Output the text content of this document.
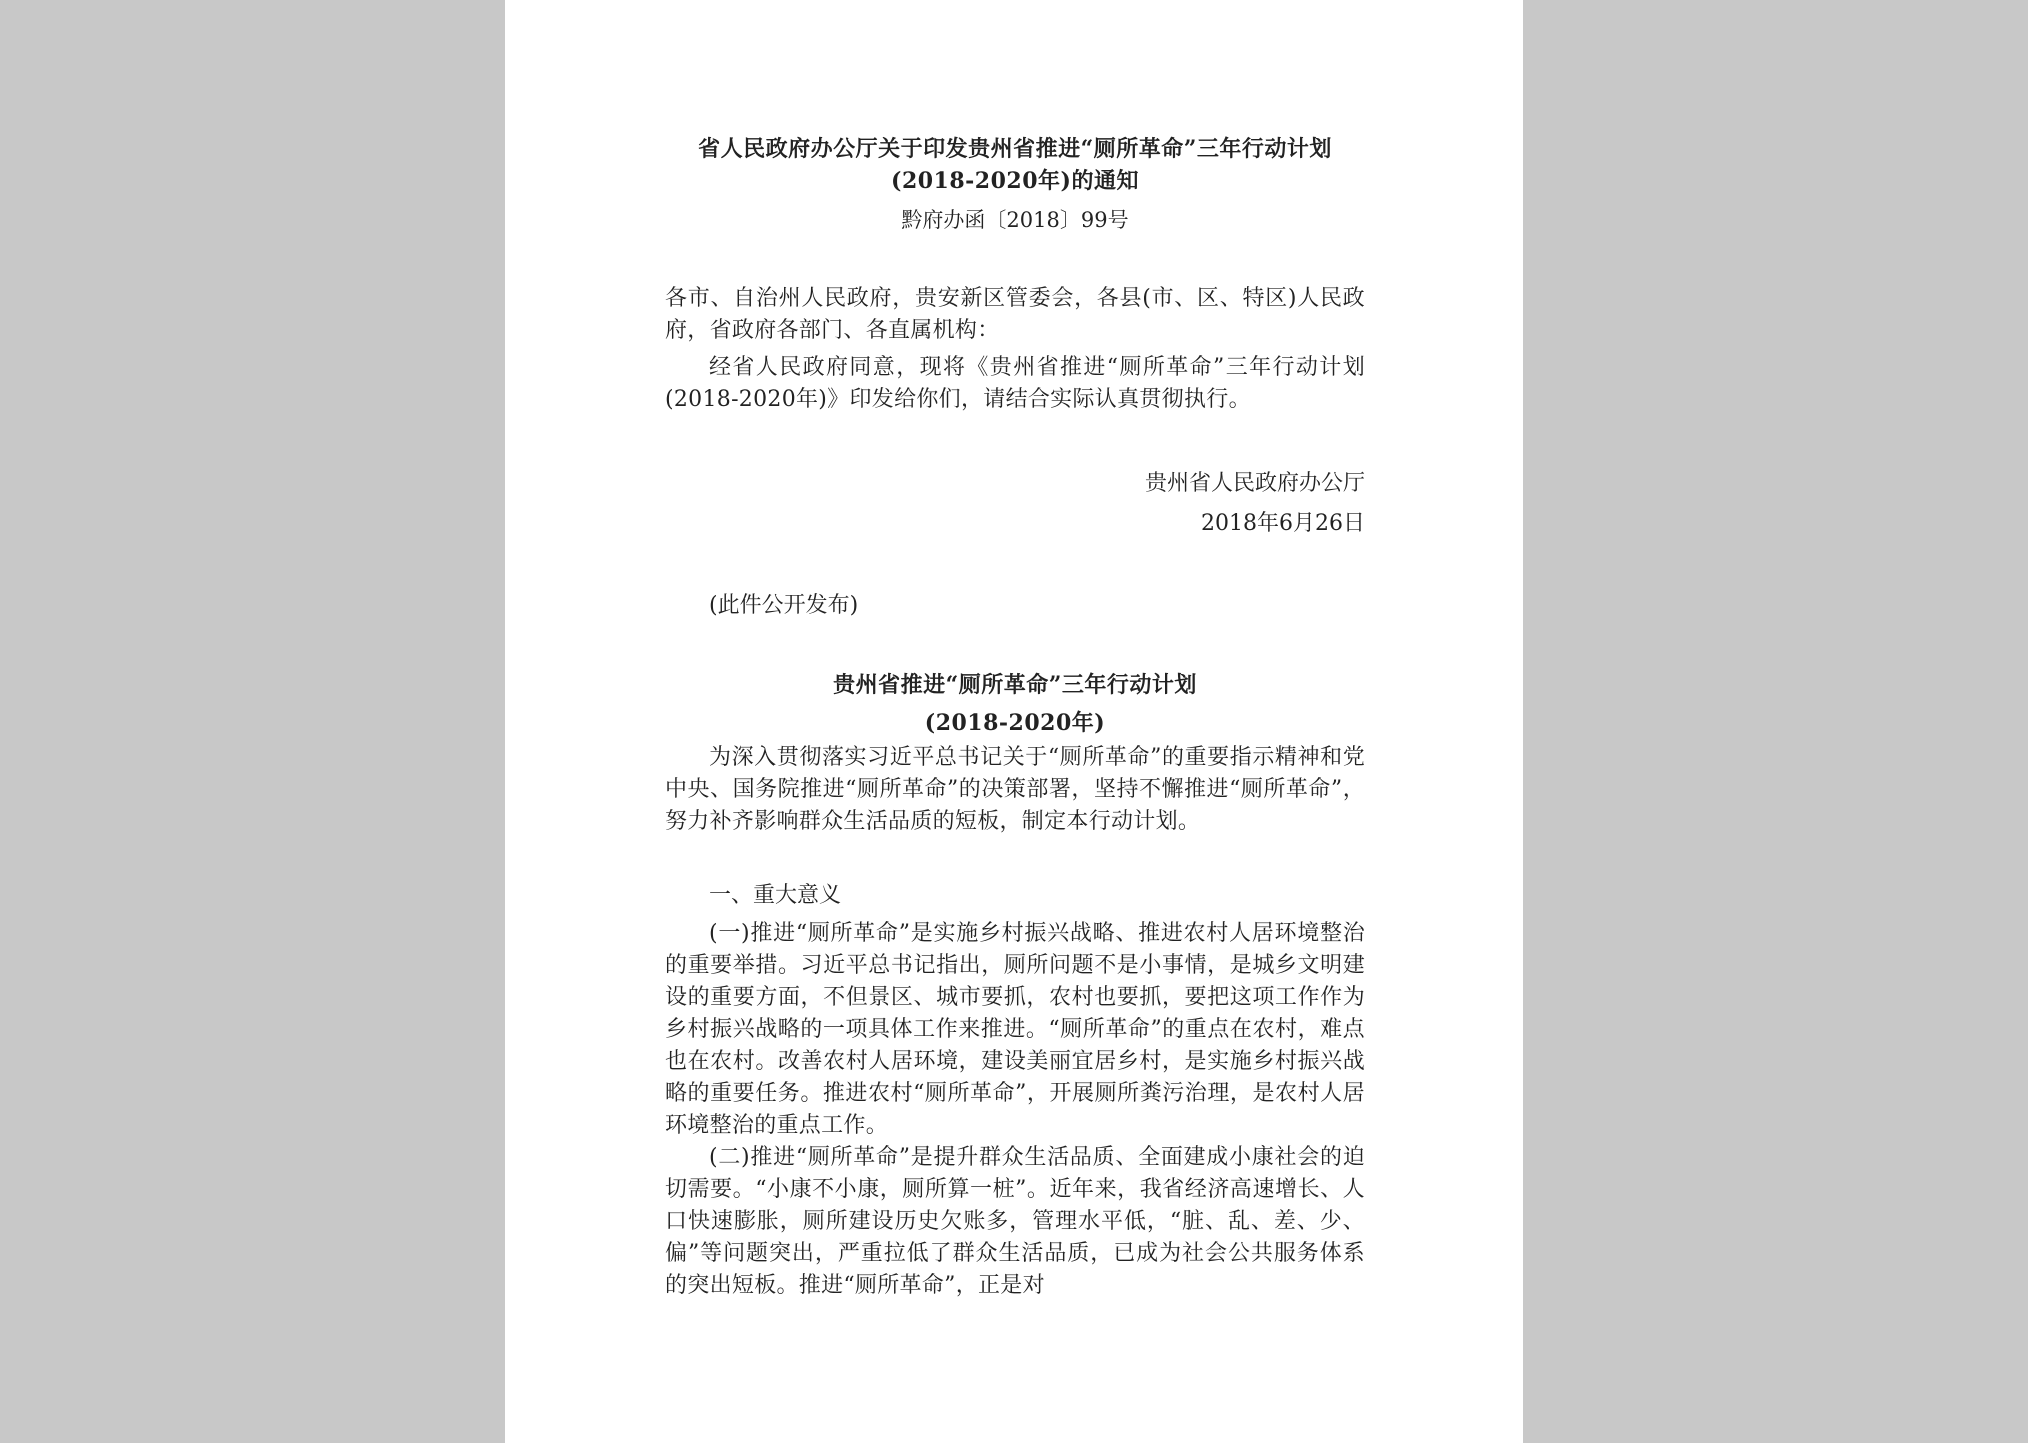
省人民政府办公厅关于印发贵州省推进“厕所革命”三年行动计划
(2018-2020年)的通知
黔府办函〔2018〕99号
各市、自治州人民政府，贵安新区管委会，各县(市、区、特区)人民政府，省政府各部门、各直属机构：
经省人民政府同意，现将《贵州省推进“厕所革命”三年行动计划(2018-2020年)》印发给你们，请结合实际认真贯彻执行。
贵州省人民政府办公厅
2018年6月26日
(此件公开发布)
贵州省推进“厕所革命”三年行动计划
(2018-2020年)
为深入贯彻落实习近平总书记关于“厕所革命”的重要指示精神和党中央、国务院推进“厕所革命”的决策部署，坚持不懈推进“厕所革命”，努力补齐影响群众生活品质的短板，制定本行动计划。
一、重大意义
(一)推进“厕所革命”是实施乡村振兴战略、推进农村人居环境整治的重要举措。习近平总书记指出，厕所问题不是小事情，是城乡文明建设的重要方面，不但景区、城市要抓，农村也要抓，要把这项工作作为乡村振兴战略的一项具体工作来推进。“厕所革命”的重点在农村，难点也在农村。改善农村人居环境，建设美丽宜居乡村，是实施乡村振兴战略的重要任务。推进农村“厕所革命”，开展厕所粪污治理，是农村人居环境整治的重点工作。
(二)推进“厕所革命”是提升群众生活品质、全面建成小康社会的迫切需要。“小康不小康，厕所算一桩”。近年来，我省经济高速增长、人口快速膨胀，厕所建设历史欠账多，管理水平低，“脏、乱、差、少、偏”等问题突出，严重拉低了群众生活品质，已成为社会公共服务体系的突出短板。推进“厕所革命”，正是对
